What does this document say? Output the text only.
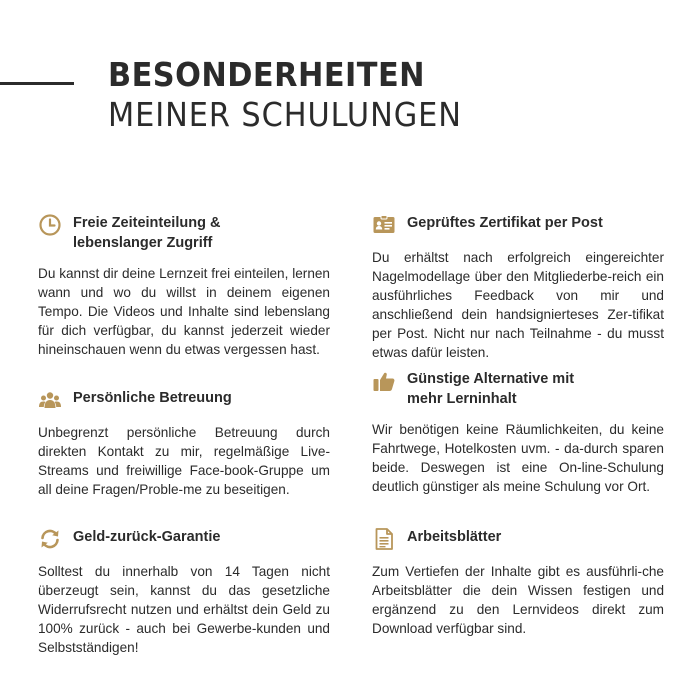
BESONDERHEITEN
MEINER SCHULUNGEN
Freie Zeiteinteilung &
lebenslanger Zugriff
Du kannst dir deine Lernzeit frei einteilen, lernen wann und wo du willst in deinem eigenen Tempo. Die Videos und Inhalte sind lebenslang für dich verfügbar, du kannst jederzeit wieder hineinschauen wenn du etwas vergessen hast.
Persönliche Betreuung
Unbegrenzt persönliche Betreuung durch direkten Kontakt zu mir, regelmäßige Live-Streams und freiwillige Face-book-Gruppe um all deine Fragen/Proble-me zu beseitigen.
Geld-zurück-Garantie
Solltest du innerhalb von 14 Tagen nicht überzeugt sein, kannst du das gesetzliche Widerrufsrecht nutzen und erhältst dein Geld zu 100% zurück - auch bei Gewerbe-kunden und Selbstständigen!
Geprüftes Zertifikat per Post
Du erhältst nach erfolgreich eingereichter Nagelmodellage über den Mitgliederbe-reich ein ausführliches Feedback von mir und anschließend dein handsignierteses Zer-tifikat per Post. Nicht nur nach Teilnahme - du musst etwas dafür leisten.
Günstige Alternative mit
mehr Lerninhalt
Wir benötigen keine Räumlichkeiten, du keine Fahrtwege, Hotelkosten uvm. - da-durch sparen beide. Deswegen ist eine On-line-Schulung deutlich günstiger als meine Schulung vor Ort.
Arbeitsblätter
Zum Vertiefen der Inhalte gibt es ausführli-che Arbeitsblätter die dein Wissen festigen und ergänzend zu den Lernvideos direkt zum Download verfügbar sind.
